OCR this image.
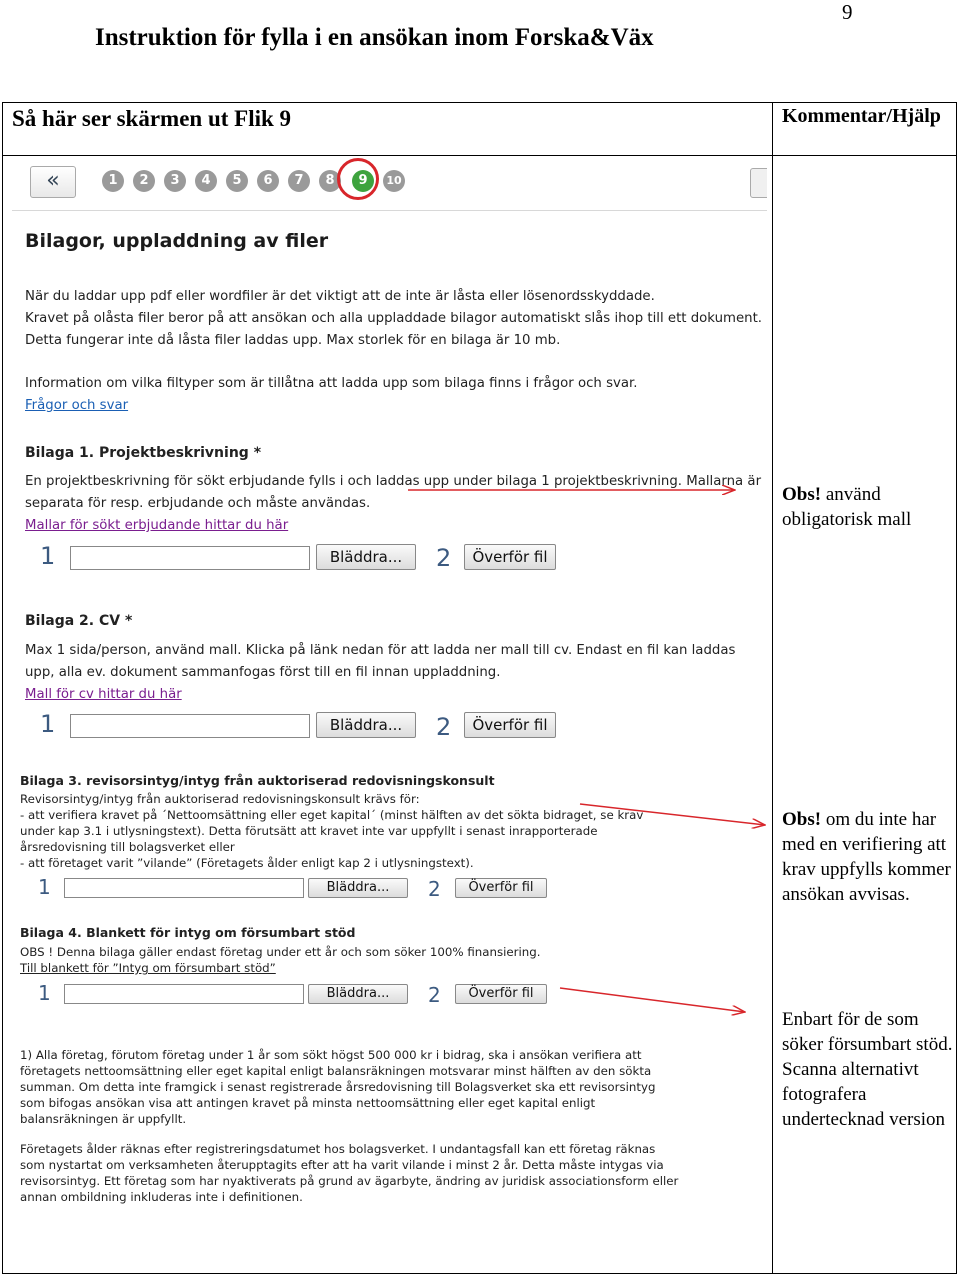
Instruktion för fylla i en ansökan inom Forska&Väx
9
Så här ser skärmen ut Flik 9	Kommentar/Hjälp
«	1	2	3	4	5	6	7	8	9	10
Bilagor, uppladdning av filer
När du laddar upp pdf eller wordfiler är det viktigt att de inte är låsta eller lösenordsskyddade.
Kravet på olåsta filer beror på att ansökan och alla uppladdade bilagor automatiskt slås ihop till ett dokument.
Detta fungerar inte då låsta filer laddas upp. Max storlek för en bilaga är 10 mb.
Information om vilka filtyper som är tillåtna att ladda upp som bilaga finns i frågor och svar.
Frågor och svar
Bilaga 1. Projektbeskrivning *
En projektbeskrivning för sökt erbjudande fylls i och laddas upp under bilaga 1 projektbeskrivning. Mallarna är
separata för resp. erbjudande och måste användas.
Mallar för sökt erbjudande hittar du här
1	Bläddra...	2	Överför fil
Bilaga 2. CV *
Max 1 sida/person, använd mall. Klicka på länk nedan för att ladda ner mall till cv. Endast en fil kan laddas
upp, alla ev. dokument sammanfogas först till en fil innan uppladdning.
Mall för cv hittar du här
1	Bläddra...	2	Överför fil
Bilaga 3. revisorsintyg/intyg från auktoriserad redovisningskonsult
Revisorsintyg/intyg från auktoriserad redovisningskonsult krävs för:
- att verifiera kravet på ´Nettoomsättning eller eget kapital´ (minst hälften av det sökta bidraget, se krav
under kap 3.1 i utlysningstext). Detta förutsätt att kravet inte var uppfyllt i senast inrapporterade
årsredovisning till bolagsverket eller
- att företaget varit ”vilande” (Företagets ålder enligt kap 2 i utlysningstext).
1	Bläddra...	2	Överför fil
Bilaga 4. Blankett för intyg om försumbart stöd
OBS ! Denna bilaga gäller endast företag under ett år och som söker 100% finansiering.
Till blankett för ”Intyg om försumbart stöd”
1	Bläddra...	2	Överför fil
1) Alla företag, förutom företag under 1 år som sökt högst 500 000 kr i bidrag, ska i ansökan verifiera att
företagets nettoomsättning eller eget kapital enligt balansräkningen motsvarar minst hälften av den sökta
summan. Om detta inte framgick i senast registrerade årsredovisning till Bolagsverket ska ett revisorsintyg
som bifogas ansökan visa att antingen kravet på minsta nettoomsättning eller eget kapital enligt
balansräkningen är uppfyllt.
Företagets ålder räknas efter registreringsdatumet hos bolagsverket. I undantagsfall kan ett företag räknas
som nystartat om verksamheten återupptagits efter att ha varit vilande i minst 2 år. Detta måste intygas via
revisorsintyg. Ett företag som har nyaktiverats på grund av ägarbyte, ändring av juridisk associationsform eller
annan ombildning inkluderas inte i definitionen.
Obs! använd obligatorisk mall
Obs! om du inte har med en verifiering att krav uppfylls kommer ansökan avvisas.
Enbart för de som söker försumbart stöd. Scanna alternativt fotografera undertecknad version
